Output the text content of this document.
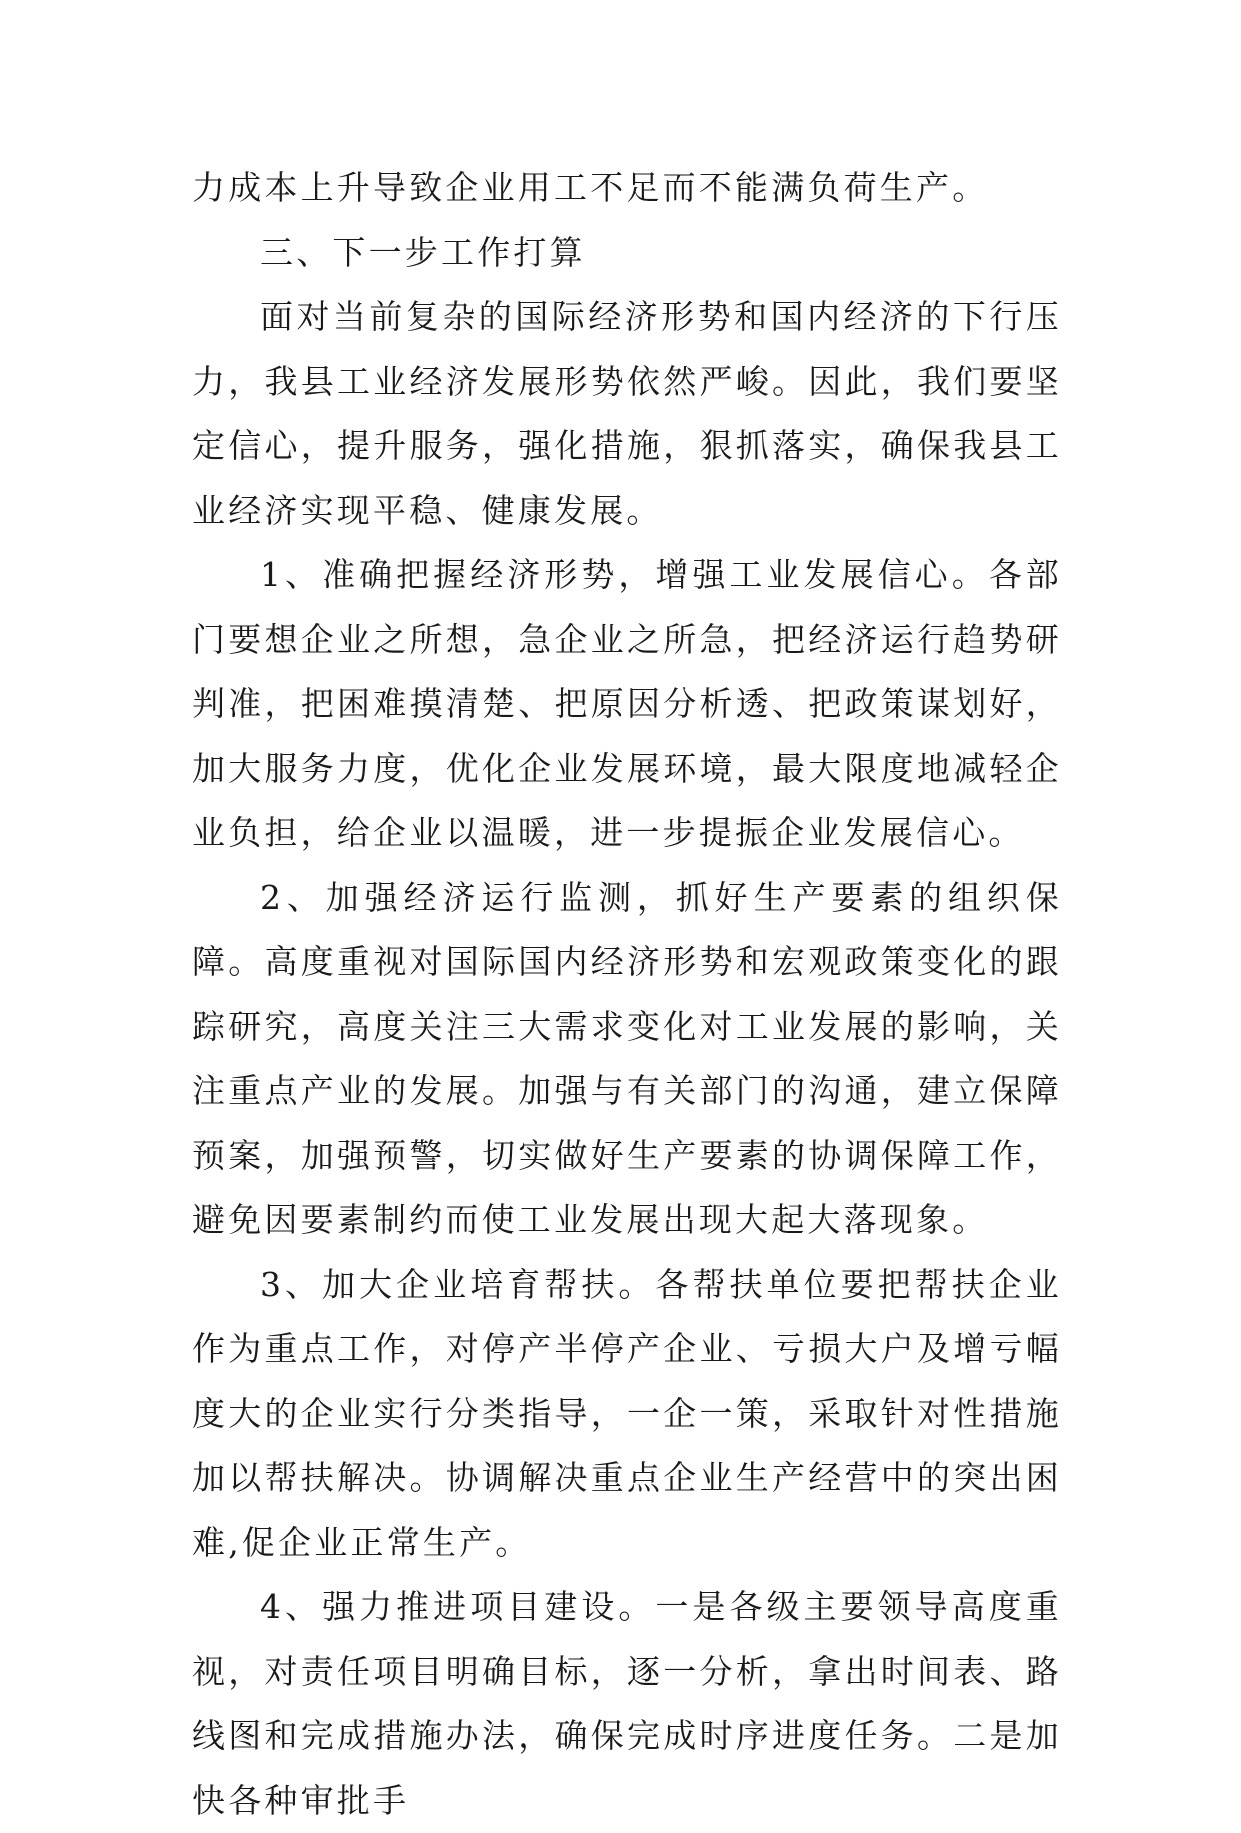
力成本上升导致企业用工不足而不能满负荷生产。

三、下一步工作打算

面对当前复杂的国际经济形势和国内经济的下行压力，我县工业经济发展形势依然严峻。因此，我们要坚定信心，提升服务，强化措施，狠抓落实，确保我县工业经济实现平稳、健康发展。

1、准确把握经济形势，增强工业发展信心。各部门要想企业之所想，急企业之所急，把经济运行趋势研判准，把困难摸清楚、把原因分析透、把政策谋划好，加大服务力度，优化企业发展环境，最大限度地减轻企业负担，给企业以温暖，进一步提振企业发展信心。

2、加强经济运行监测，抓好生产要素的组织保障。高度重视对国际国内经济形势和宏观政策变化的跟踪研究，高度关注三大需求变化对工业发展的影响，关注重点产业的发展。加强与有关部门的沟通，建立保障预案，加强预警，切实做好生产要素的协调保障工作，避免因要素制约而使工业发展出现大起大落现象。

3、加大企业培育帮扶。各帮扶单位要把帮扶企业作为重点工作，对停产半停产企业、亏损大户及增亏幅度大的企业实行分类指导，一企一策，采取针对性措施加以帮扶解决。协调解决重点企业生产经营中的突出困难,促企业正常生产。

4、强力推进项目建设。一是各级主要领导高度重视，对责任项目明确目标，逐一分析，拿出时间表、路线图和完成措施办法，确保完成时序进度任务。二是加快各种审批手
